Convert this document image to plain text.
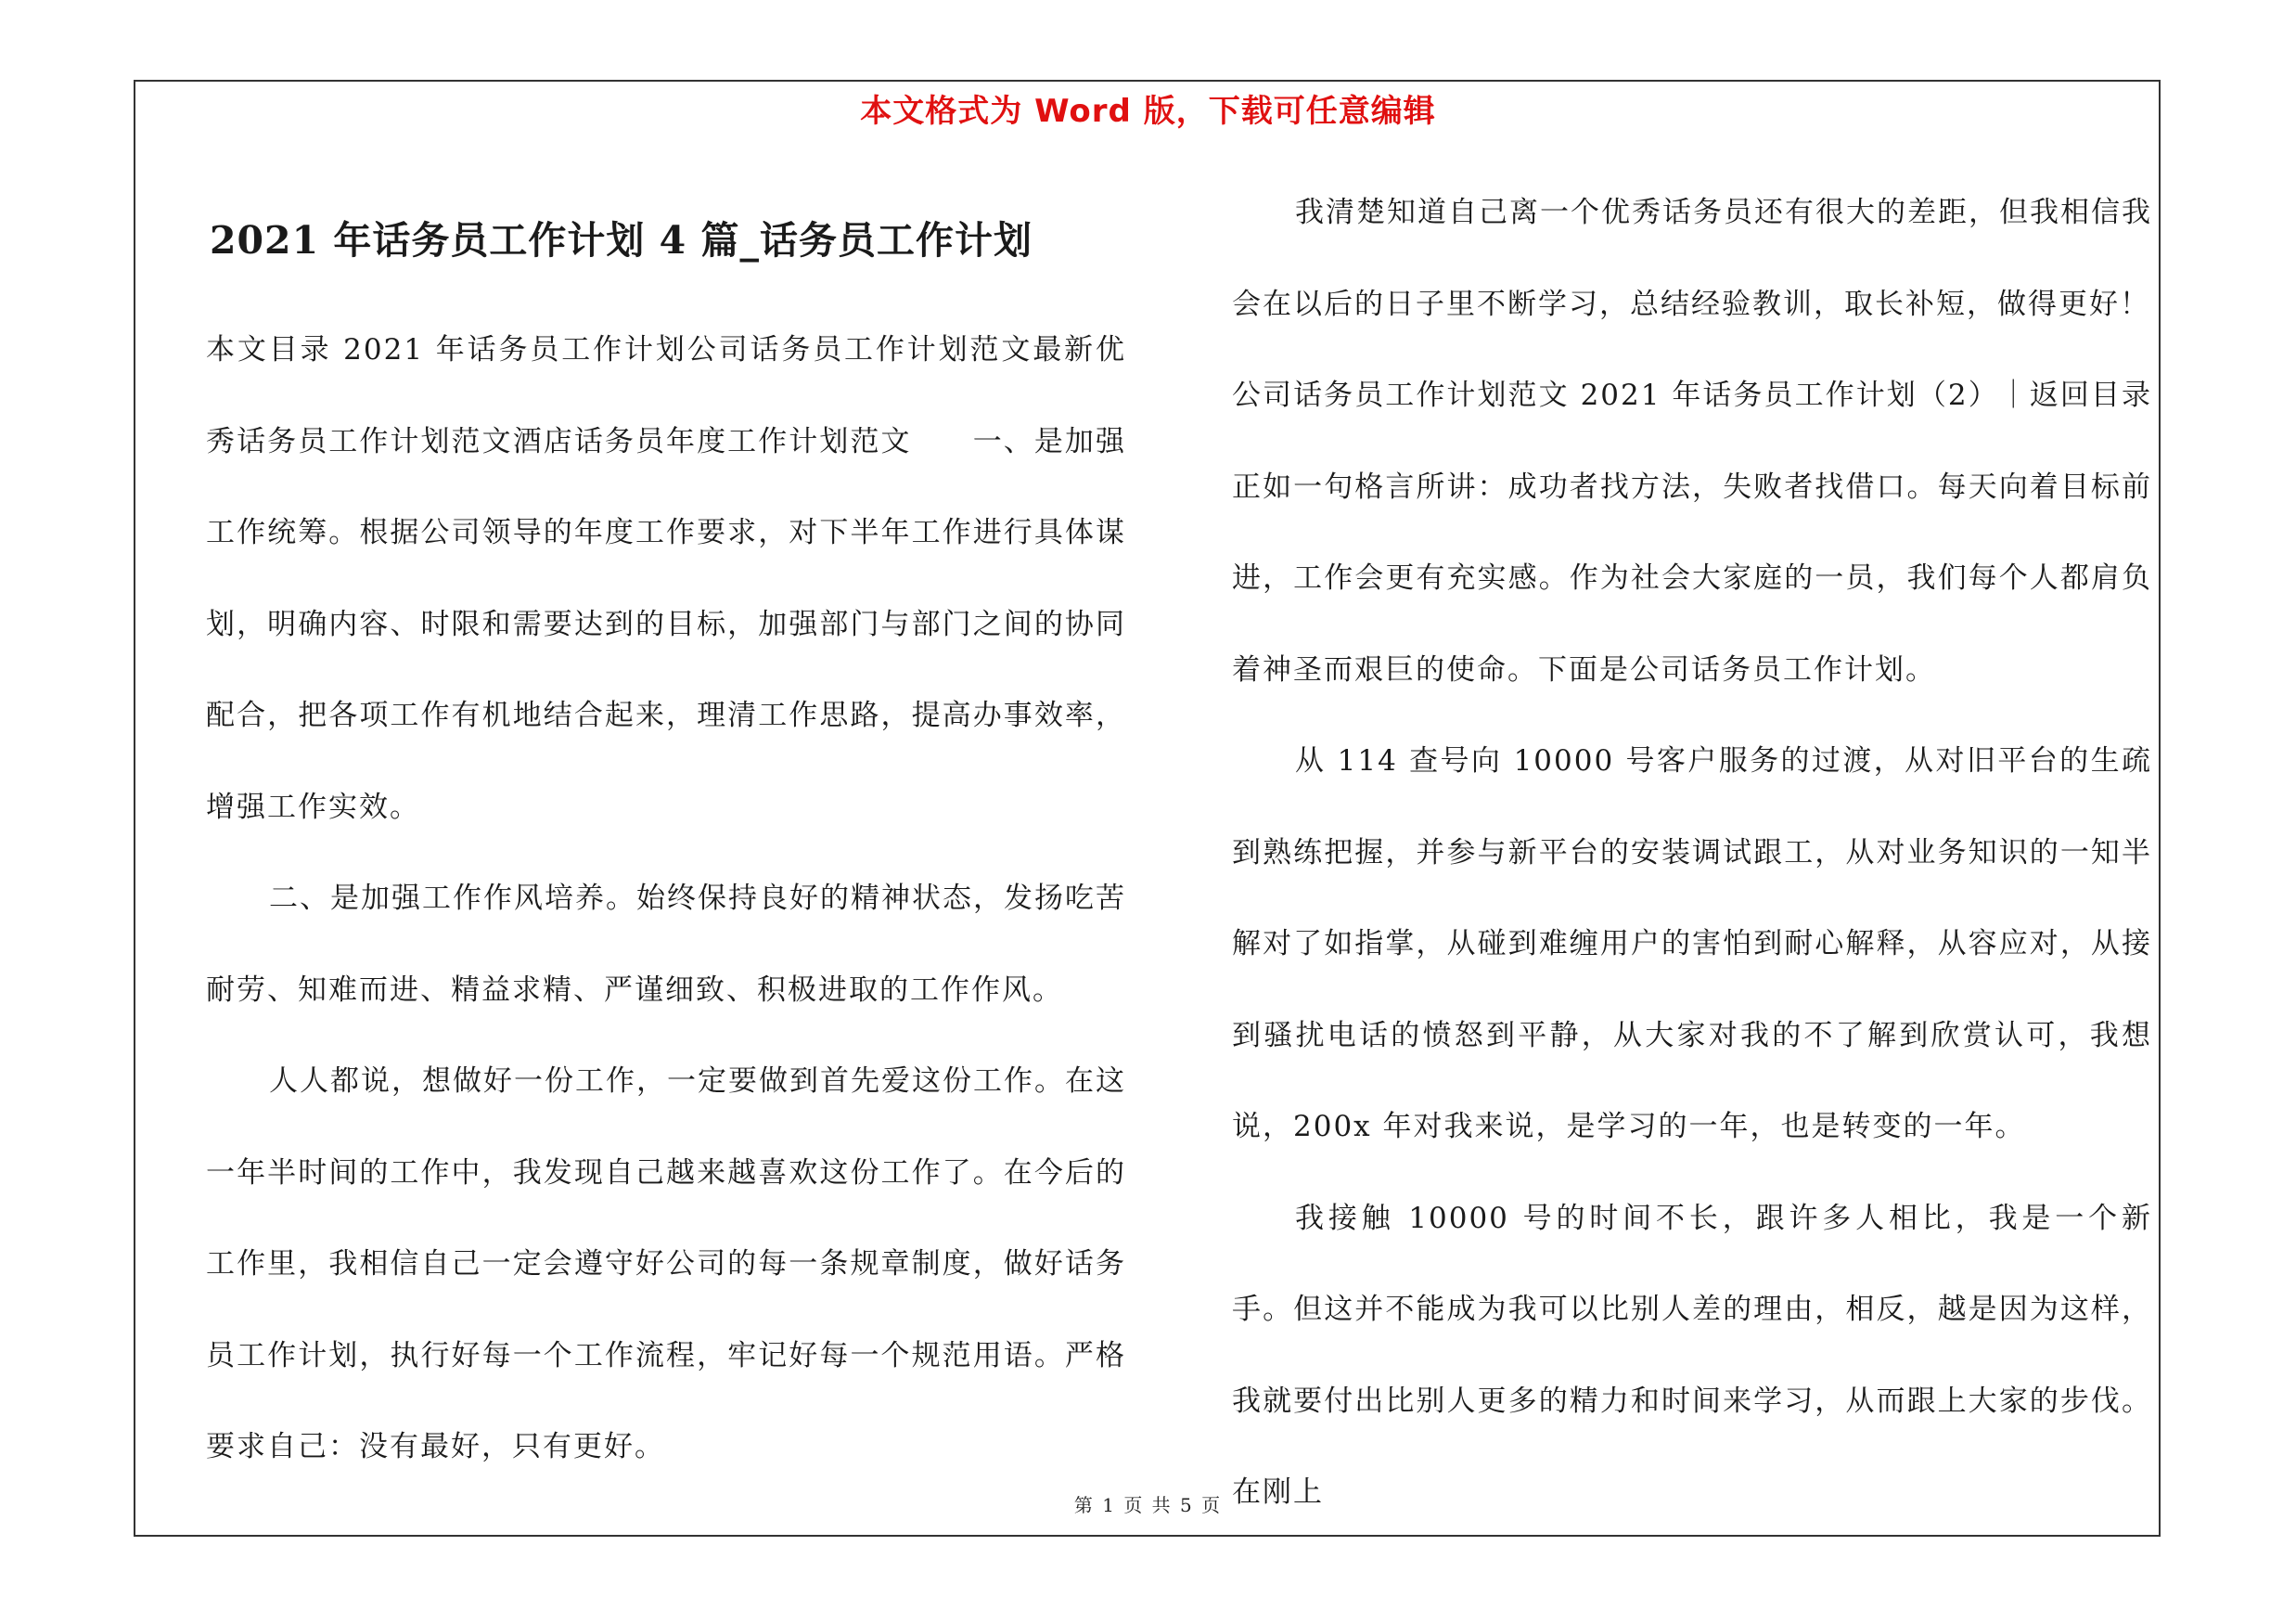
本文格式为 Word 版，下载可任意编辑
2021 年话务员工作计划 4 篇_话务员工作计划

本文目录 2021 年话务员工作计划公司话务员工作计划范文最新优秀话务员工作计划范文酒店话务员年度工作计划范文　　一、是加强工作统筹。根据公司领导的年度工作要求，对下半年工作进行具体谋划，明确内容、时限和需要达到的目标，加强部门与部门之间的协同配合，把各项工作有机地结合起来，理清工作思路，提高办事效率，增强工作实效。

二、是加强工作作风培养。始终保持良好的精神状态，发扬吃苦耐劳、知难而进、精益求精、严谨细致、积极进取的工作作风。

人人都说，想做好一份工作，一定要做到首先爱这份工作。在这一年半时间的工作中，我发现自己越来越喜欢这份工作了。在今后的工作里，我相信自己一定会遵守好公司的每一条规章制度，做好话务员工作计划，执行好每一个工作流程，牢记好每一个规范用语。严格要求自己：没有最好，只有更好。

我清楚知道自己离一个优秀话务员还有很大的差距，但我相信我会在以后的日子里不断学习，总结经验教训，取长补短，做得更好！

公司话务员工作计划范文 2021 年话务员工作计划（2）｜返回目录正如一句格言所讲：成功者找方法，失败者找借口。每天向着目标前进，工作会更有充实感。作为社会大家庭的一员，我们每个人都肩负着神圣而艰巨的使命。下面是公司话务员工作计划。

从 114 查号向 10000 号客户服务的过渡，从对旧平台的生疏到熟练把握，并参与新平台的安装调试跟工，从对业务知识的一知半解对了如指掌，从碰到难缠用户的害怕到耐心解释，从容应对，从接到骚扰电话的愤怒到平静，从大家对我的不了解到欣赏认可，我想说，200x 年对我来说，是学习的一年，也是转变的一年。

我接触 10000 号的时间不长，跟许多人相比，我是一个新手。但这并不能成为我可以比别人差的理由，相反，越是因为这样，我就要付出比别人更多的精力和时间来学习，从而跟上大家的步伐。在刚上

第 1 页 共 5 页
